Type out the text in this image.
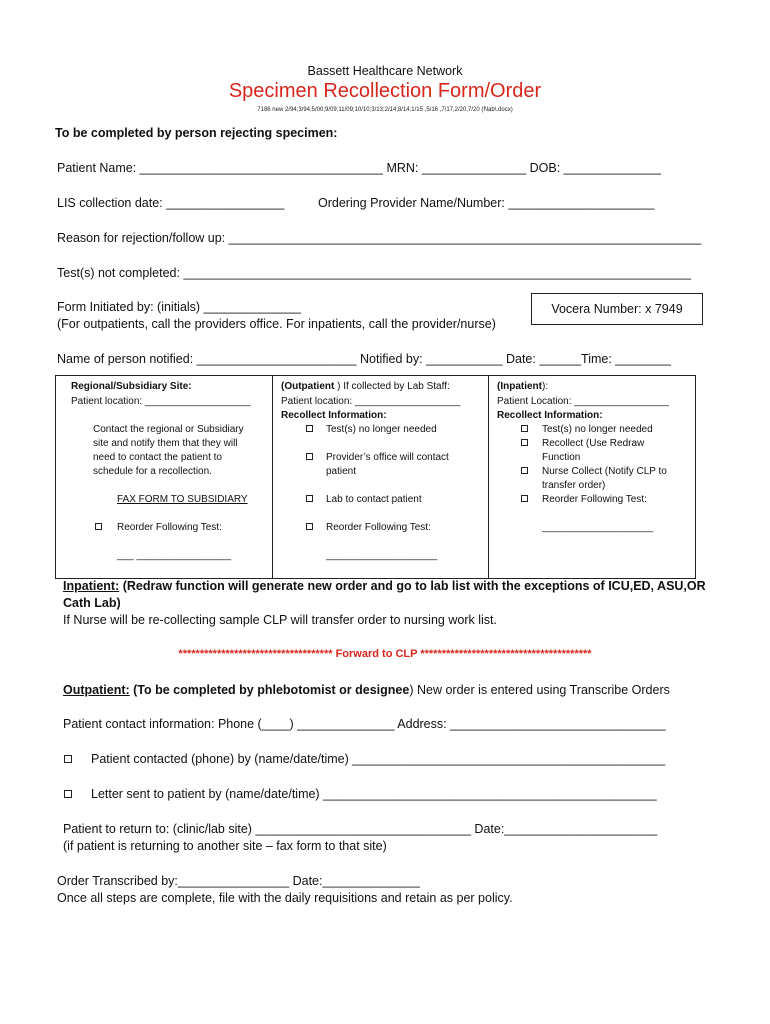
Bassett Healthcare Network
Specimen Recollection Form/Order
7186 new 2/94;3/94;5/00;9/09;11/09;10/10;3/13;2/14;8/14;1/15 ,5/16 ,7/17,2/20,7/20 (f\lab\.docx)
To be completed by person rejecting specimen:
Patient Name: ___________________________________ MRN: _______________ DOB: ______________
LIS collection date: _________________	Ordering Provider Name/Number: _____________________
Reason for rejection/follow up: ____________________________________________________________________
Test(s) not completed: _________________________________________________________________________
Form Initiated by: (initials) ______________
(For outpatients, call the providers office. For inpatients, call the provider/nurse)
Vocera Number: x 7949
Name of person notified: _______________________ Notified by: ___________ Date: ______Time: ________
Regional/Subsidiary Site:
Patient location: ___________________
Contact the regional or Subsidiary
site and notify them that they will
need to contact the patient to
schedule for a recollection.
FAX FORM TO SUBSIDIARY
Reorder Following Test:
___ _________________
(Outpatient ) If collected by Lab Staff:
Patient location: ___________________
Recollect Information:
Test(s) no longer needed
Provider’s office will contact
patient
Lab to contact patient
Reorder Following Test:
____________________
(Inpatient):
Patient Location: _________________
Recollect Information:
Test(s) no longer needed
Recollect (Use Redraw
Function
Nurse Collect (Notify CLP to
transfer order)
Reorder Following Test:
____________________
Inpatient: (Redraw function will generate new order and go to lab list with the exceptions of ICU,ED, ASU,OR
Cath Lab)
If Nurse will be re-collecting sample CLP will transfer order to nursing work list.
************************************ Forward to CLP ****************************************
Outpatient: (To be completed by phlebotomist or designee) New order is entered using Transcribe Orders
Patient contact information: Phone (____) ______________ Address: _______________________________
Patient contacted (phone) by (name/date/time) _____________________________________________
Letter sent to patient by (name/date/time) ________________________________________________
Patient to return to: (clinic/lab site) _______________________________ Date:______________________
(if patient is returning to another site – fax form to that site)
Order Transcribed by:________________ Date:______________
Once all steps are complete, file with the daily requisitions and retain as per policy.
